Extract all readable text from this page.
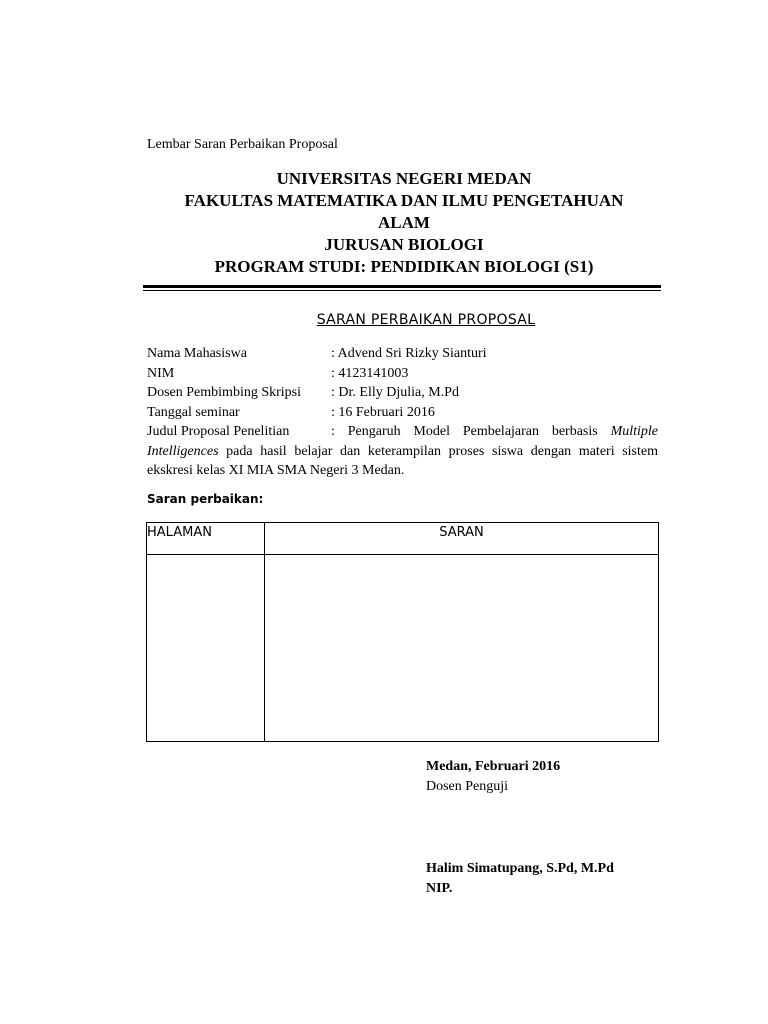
Lembar Saran Perbaikan Proposal
UNIVERSITAS NEGERI MEDAN
FAKULTAS MATEMATIKA DAN ILMU PENGETAHUAN
ALAM
JURUSAN BIOLOGI
PROGRAM STUDI: PENDIDIKAN BIOLOGI (S1)
SARAN PERBAIKAN PROPOSAL
Nama Mahasiswa	: Advend Sri Rizky Sianturi
NIM	: 4123141003
Dosen Pembimbing Skripsi	: Dr. Elly Djulia, M.Pd
Tanggal seminar	: 16 Februari 2016
Judul Proposal Penelitian	: Pengaruh Model Pembelajaran berbasis Multiple Intelligences pada hasil belajar dan keterampilan proses siswa dengan materi sistem ekskresi kelas XI MIA SMA Negeri 3 Medan.
Saran perbaikan:
HALAMAN	SARAN

Medan, Februari 2016
Dosen Penguji
Halim Simatupang, S.Pd, M.Pd
NIP.
